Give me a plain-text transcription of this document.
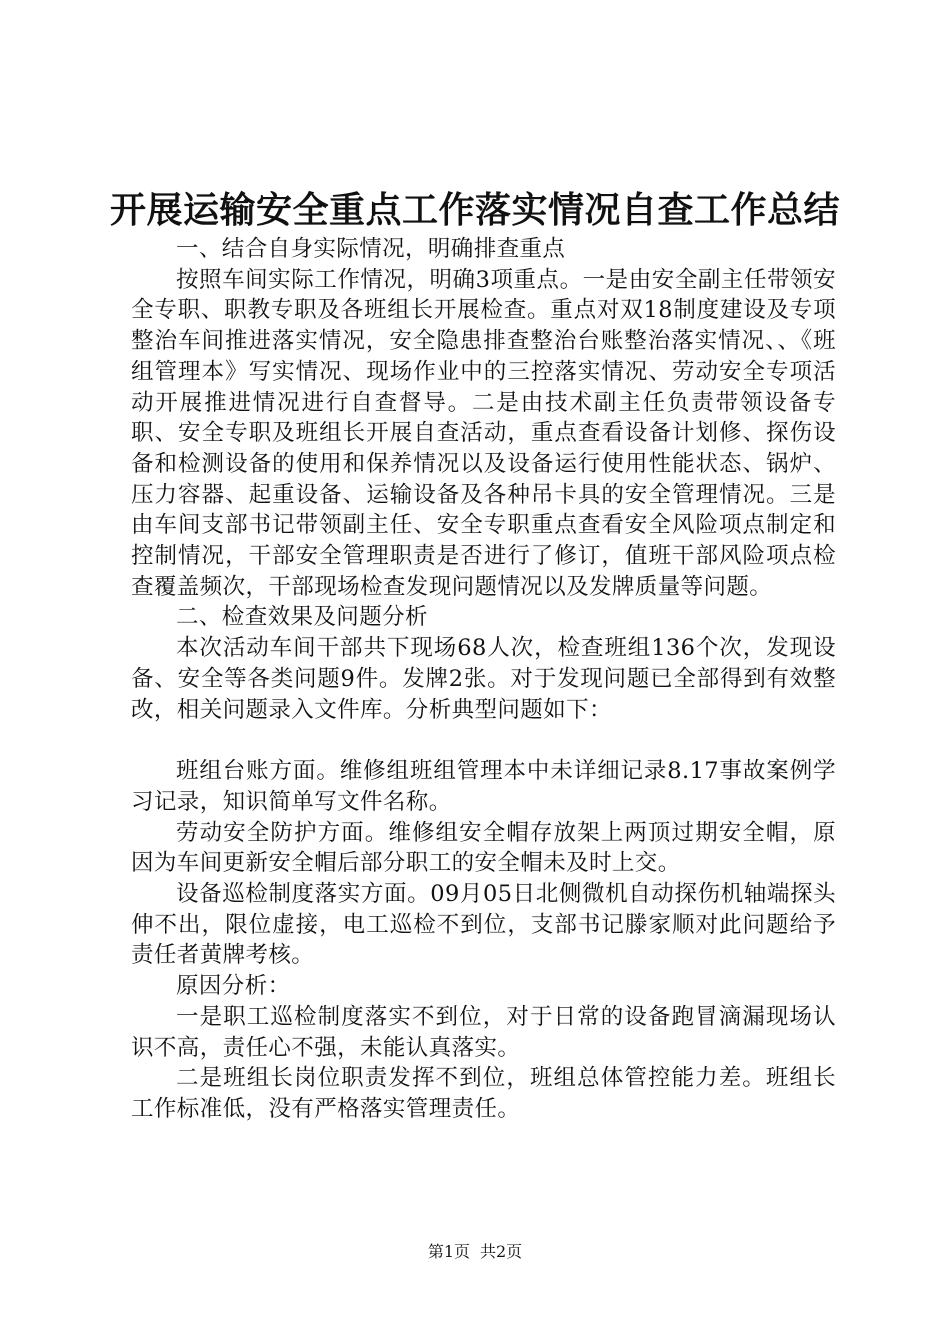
开展运输安全重点工作落实情况自查工作总结

一、结合自身实际情况，明确排查重点

按照车间实际工作情况，明确3项重点。一是由安全副主任带领安全专职、职教专职及各班组长开展检查。重点对双18制度建设及专项整治车间推进落实情况，安全隐患排查整治台账整治落实情况、、《班组管理本》写实情况、现场作业中的三控落实情况、劳动安全专项活动开展推进情况进行自查督导。二是由技术副主任负责带领设备专职、安全专职及班组长开展自查活动，重点查看设备计划修、探伤设备和检测设备的使用和保养情况以及设备运行使用性能状态、锅炉、压力容器、起重设备、运输设备及各种吊卡具的安全管理情况。三是由车间支部书记带领副主任、安全专职重点查看安全风险项点制定和控制情况，干部安全管理职责是否进行了修订，值班干部风险项点检查覆盖频次，干部现场检查发现问题情况以及发牌质量等问题。

二、检查效果及问题分析

本次活动车间干部共下现场68人次，检查班组136个次，发现设备、安全等各类问题9件。发牌2张。对于发现问题已全部得到有效整改，相关问题录入文件库。分析典型问题如下：

班组台账方面。维修组班组管理本中未详细记录8.17事故案例学习记录，知识简单写文件名称。

劳动安全防护方面。维修组安全帽存放架上两顶过期安全帽，原因为车间更新安全帽后部分职工的安全帽未及时上交。

设备巡检制度落实方面。09月05日北侧微机自动探伤机轴端探头伸不出，限位虚接，电工巡检不到位，支部书记滕家顺对此问题给予责任者黄牌考核。

原因分析：

一是职工巡检制度落实不到位，对于日常的设备跑冒滴漏现场认识不高，责任心不强，未能认真落实。

二是班组长岗位职责发挥不到位，班组总体管控能力差。班组长工作标准低，没有严格落实管理责任。

第1页 共2页
